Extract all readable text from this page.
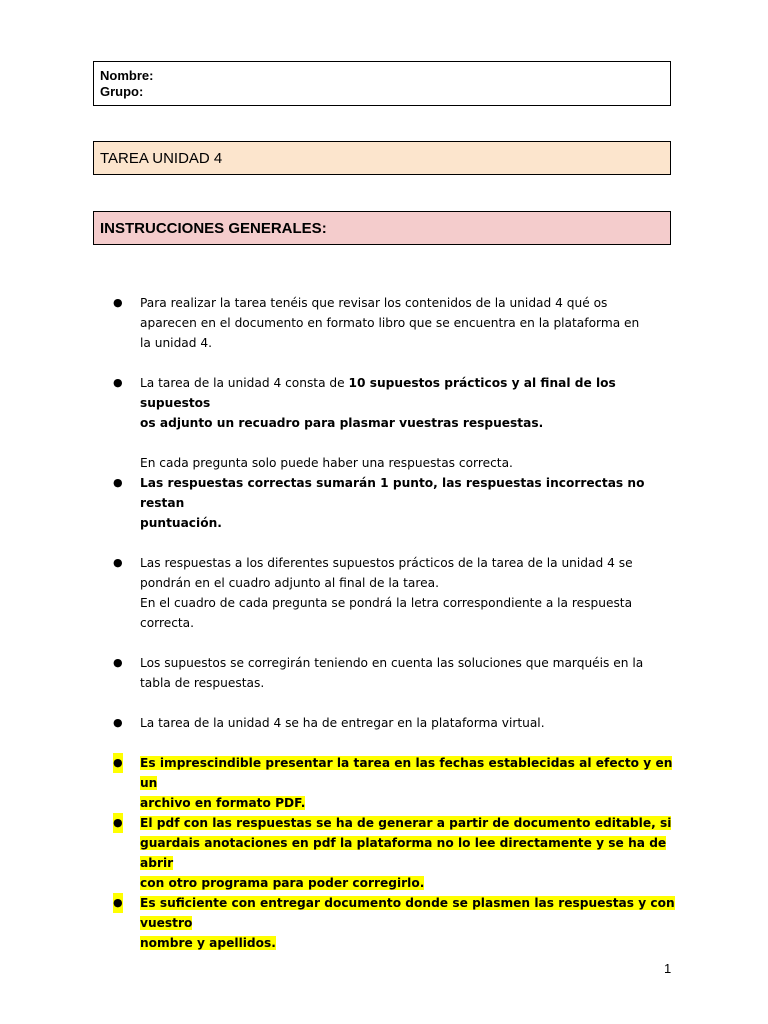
Nombre:
Grupo:
TAREA UNIDAD 4
INSTRUCCIONES GENERALES:
● Para realizar la tarea tenéis que revisar los contenidos de la unidad 4 qué os
aparecen en el documento en formato libro que se encuentra en la plataforma en
la unidad 4.
● La tarea de la unidad 4 consta de 10 supuestos prácticos y al final de los supuestos
os adjunto un recuadro para plasmar vuestras respuestas.
En cada pregunta solo puede haber una respuestas correcta.
● Las respuestas correctas sumarán 1 punto, las respuestas incorrectas no restan
puntuación.
● Las respuestas a los diferentes supuestos prácticos de la tarea de la unidad 4 se
pondrán en el cuadro adjunto al final de la tarea.
En el cuadro de cada pregunta se pondrá la letra correspondiente a la respuesta
correcta.
● Los supuestos se corregirán teniendo en cuenta las soluciones que marquéis en la
tabla de respuestas.
● La tarea de la unidad 4 se ha de entregar en la plataforma virtual.
● Es imprescindible presentar la tarea en las fechas establecidas al efecto y en un
archivo en formato PDF.
● El pdf con las respuestas se ha de generar a partir de documento editable, si
guardais anotaciones en pdf la plataforma no lo lee directamente y se ha de abrir
con otro programa para poder corregirlo.
● Es suficiente con entregar documento donde se plasmen las respuestas y con vuestro
nombre y apellidos.
1
